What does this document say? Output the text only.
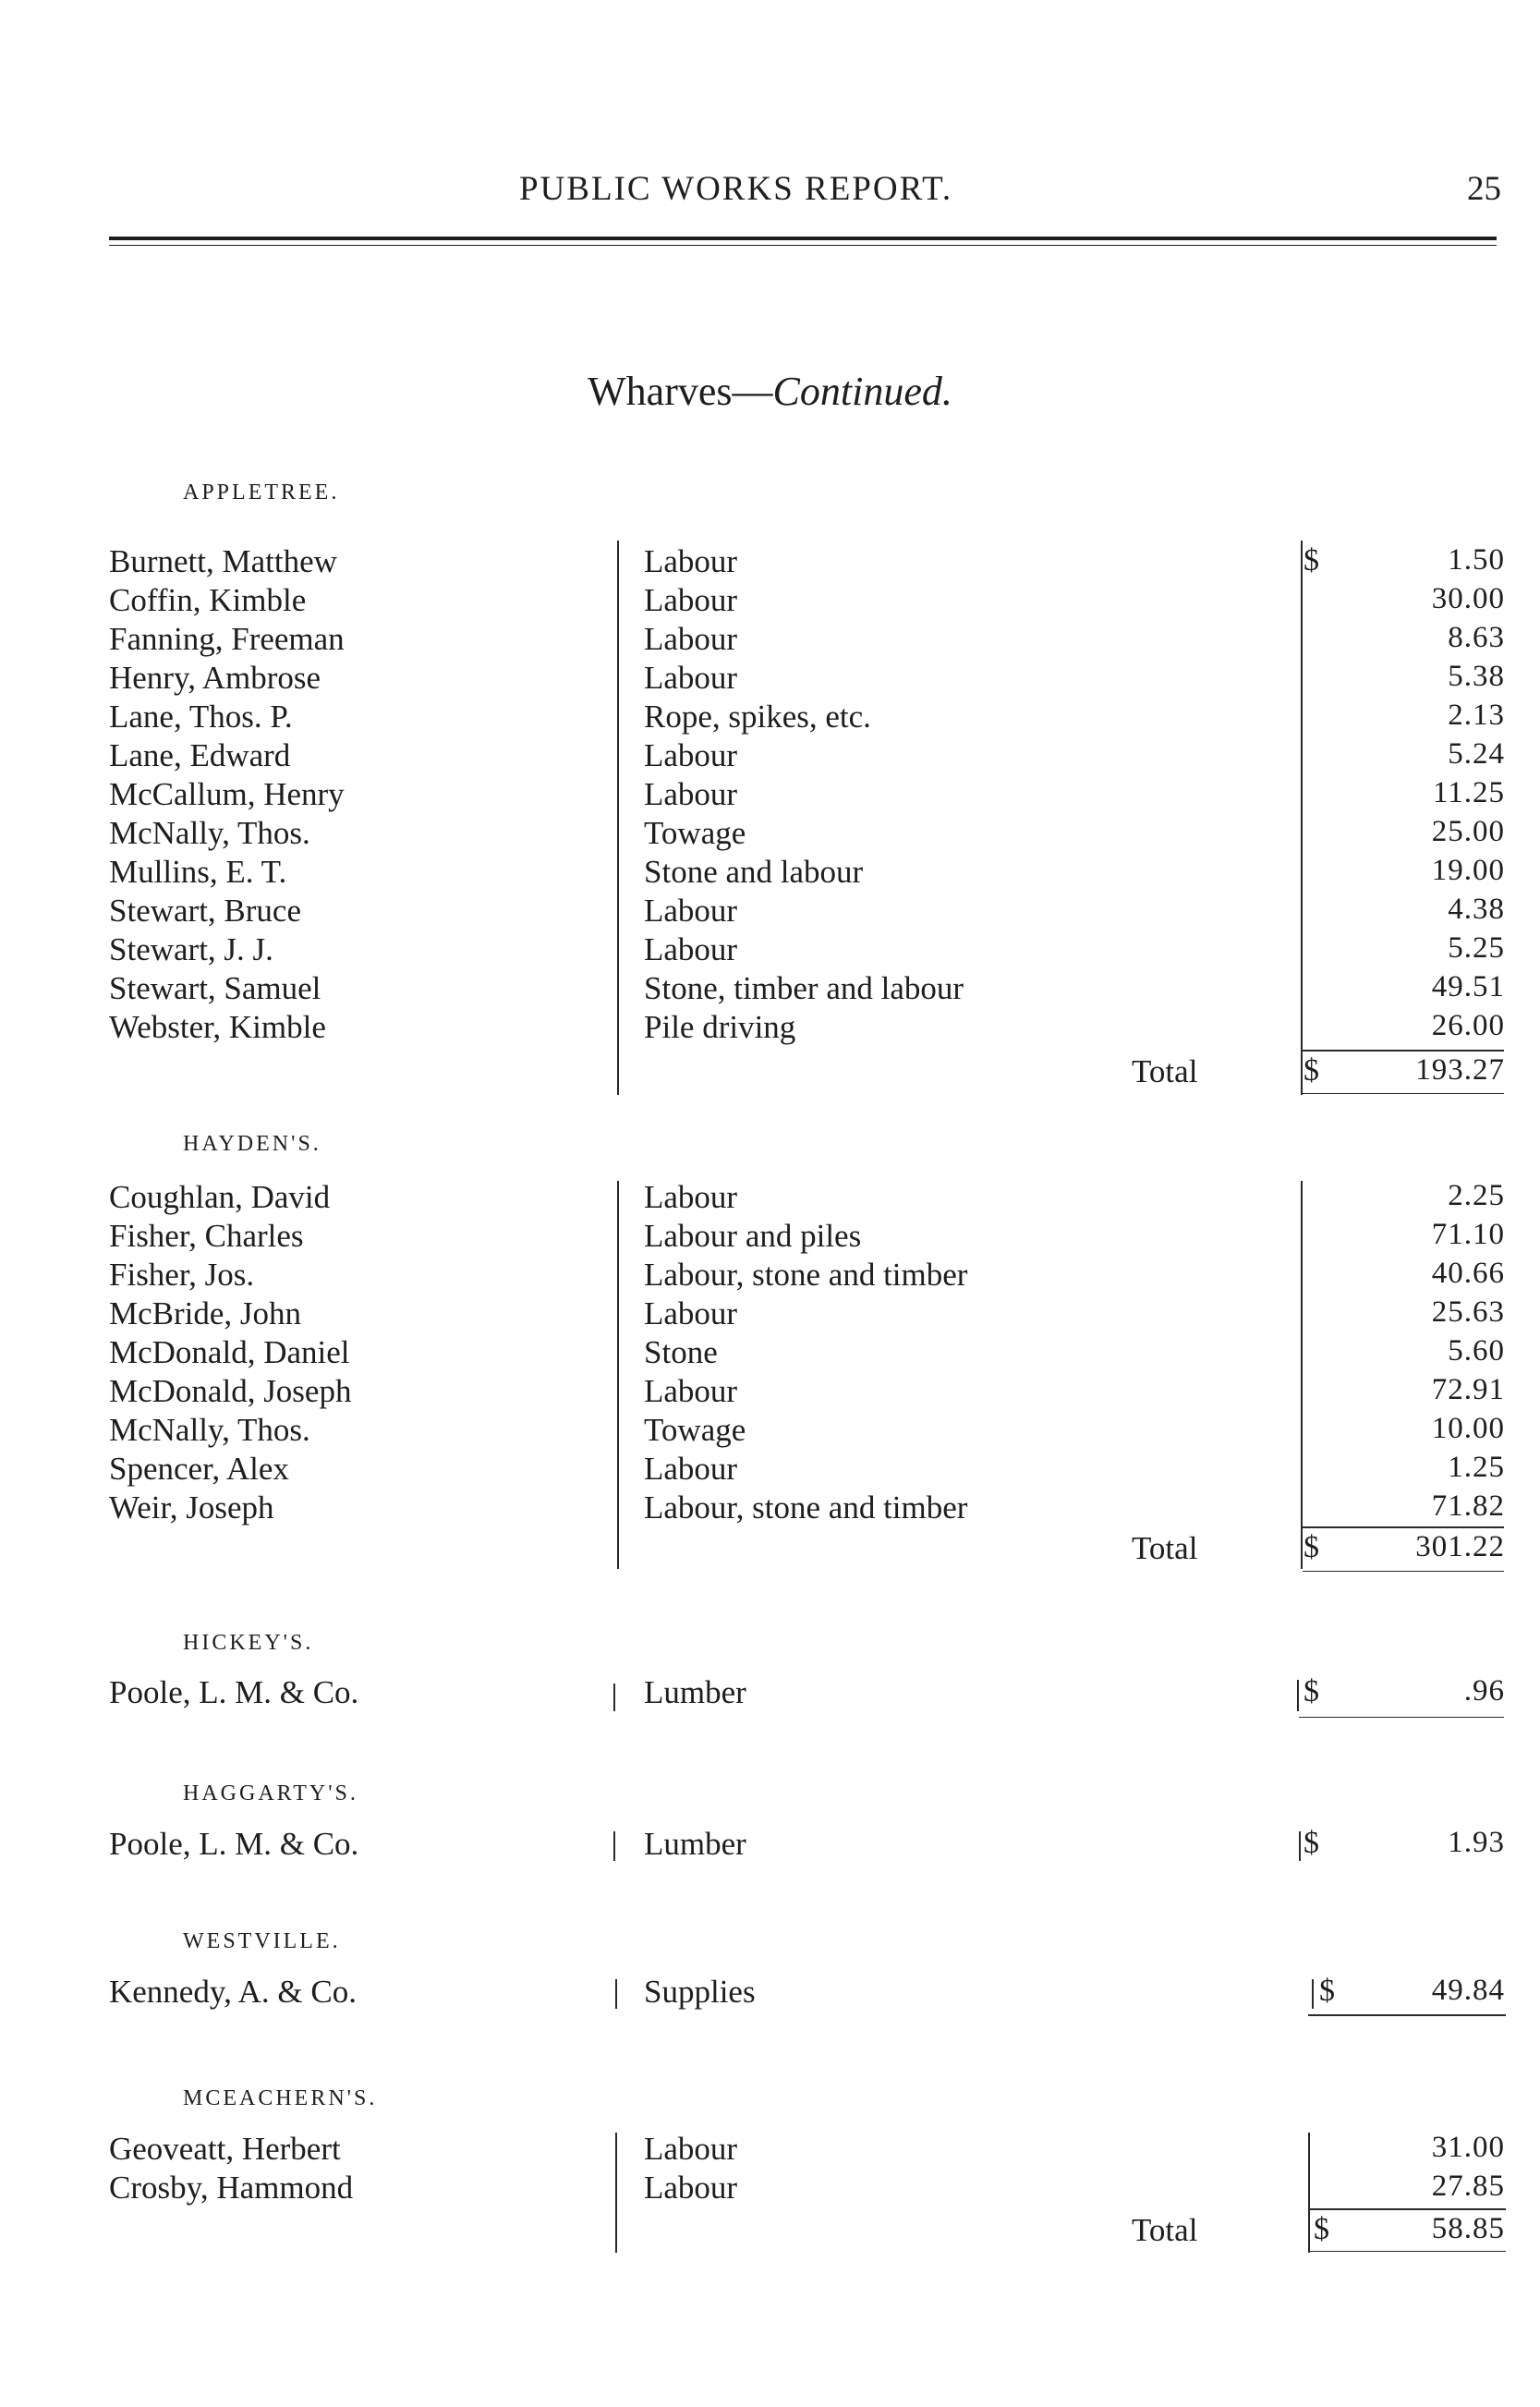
PUBLIC WORKS REPORT.	25
Wharves—Continued.
APPLETREE.
Burnett, Matthew	Labour	$	1.50
Coffin, Kimble	Labour	30.00
Fanning, Freeman	Labour	8.63
Henry, Ambrose	Labour	5.38
Lane, Thos. P.	Rope, spikes, etc.	2.13
Lane, Edward	Labour	5.24
McCallum, Henry	Labour	11.25
McNally, Thos.	Towage	25.00
Mullins, E. T.	Stone and labour	19.00
Stewart, Bruce	Labour	4.38
Stewart, J. J.	Labour	5.25
Stewart, Samuel	Stone, timber and labour	49.51
Webster, Kimble	Pile driving	26.00
Total	$	193.27
HAYDEN'S.
Coughlan, David	Labour	2.25
Fisher, Charles	Labour and piles	71.10
Fisher, Jos.	Labour, stone and timber	40.66
McBride, John	Labour	25.63
McDonald, Daniel	Stone	5.60
McDonald, Joseph	Labour	72.91
McNally, Thos.	Towage	10.00
Spencer, Alex	Labour	1.25
Weir, Joseph	Labour, stone and timber	71.82
Total	$	301.22
HICKEY'S.
Poole, L. M. & Co.	Lumber	$	.96
HAGGARTY'S.
Poole, L. M. & Co.	Lumber	$	1.93
WESTVILLE.
Kennedy, A. & Co.	Supplies	$	49.84
MCEACHERN'S.
Geoveatt, Herbert	Labour	31.00
Crosby, Hammond	Labour	27.85
Total	$	58.85
